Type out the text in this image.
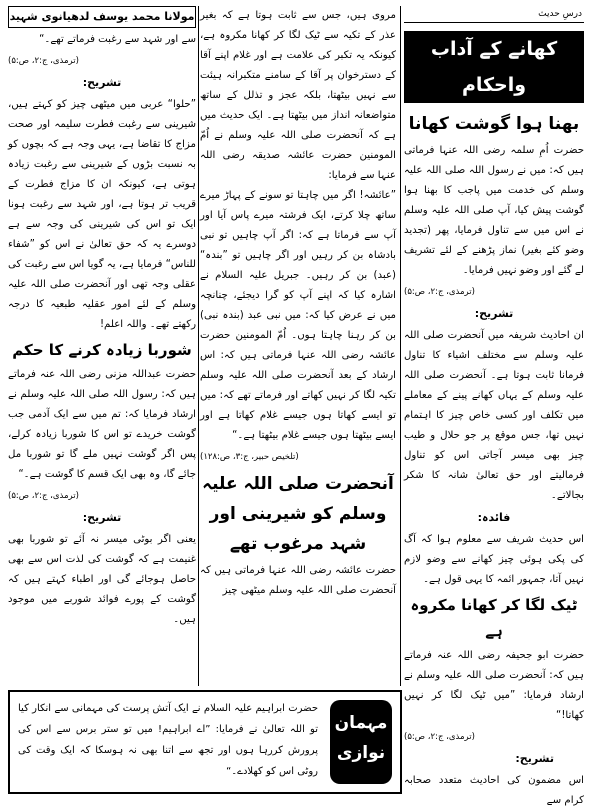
درسِ حدیث
کھانے کے آداب واحکام
بھنا ہوا گوشت کھانا

حضرت اُمِ سلمہ رضی اللہ عنہا فرماتی ہیں کہ: میں نے رسول اللہ صلی اللہ علیہ وسلم کی خدمت میں پاجب کا بھنا ہوا گوشت پیش کیا، آپ صلی اللہ علیہ وسلم نے اس میں سے تناول فرمایا، پھر (تجدید وضو کئے بغیر) نماز پڑھنے کے لئے تشریف لے گئے اور وضو نہیں فرمایا۔

(ترمذی، ج:۲، ص:۵)
تشریح:

ان احادیث شریفہ میں آنحضرت صلی اللہ علیہ وسلم سے مختلف اشیاء کا تناول فرمانا ثابت ہوتا ہے۔ آنحضرت صلی اللہ علیہ وسلم کے یہاں کھانے پینے کے معاملے میں تکلف اور کسی خاص چیز کا اہتمام نہیں تھا، جس موقع پر جو حلال و طیب چیز بھی میسر آجاتی اس کو تناول فرمالیتے اور حق تعالیٰ شانہ کا شکر بجالاتے۔

فائدہ:

اس حدیث شریف سے معلوم ہوا کہ آگ کی پکی ہوئی چیز کھانے سے وضو لازم نہیں آتا، جمہور ائمہ کا یہی قول ہے۔

ٹیک لگا کر کھانا مکروہ ہے

حضرت ابو جحیفہ رضی اللہ عنہ فرماتے ہیں کہ: آنحضرت صلی اللہ علیہ وسلم نے ارشاد فرمایا: ”میں ٹیک لگا کر نہیں کھاتا!“

(ترمذی، ج:۲، ص:۵)
تشریح:

اس مضمون کی احادیث متعدد صحابہ کرام سے

مروی ہیں، جس سے ثابت ہوتا ہے کہ بغیر عذر کے تکیہ سے ٹیک لگا کر کھانا مکروہ ہے، کیونکہ یہ تکبر کی علامت ہے اور غلام اپنے آقا کے دسترخوان پر آقا کے سامنے متکبرانہ ہیئت سے نہیں بیٹھتا، بلکہ عجز و تذلل کے ساتھ متواضعانہ انداز میں بیٹھتا ہے۔ ایک حدیث میں ہے کہ آنحضرت صلی اللہ علیہ وسلم نے اُمّ المومنین حضرت عائشہ صدیقہ رضی اللہ عنہا سے فرمایا:

”عائشہ! اگر میں چاہتا تو سونے کے پہاڑ میرے ساتھ چلا کرتے، ایک فرشتہ میرے پاس آیا اور آپ سے فرماتا ہے کہ: اگر آپ چاہیں تو نبی بادشاہ بن کر رہیں اور اگر چاہیں تو ”بندہ“ (عبد) بن کر رہیں۔ جبریل علیہ السلام نے اشارہ کیا کہ اپنے آپ کو گرا دیجئے، چنانچہ میں نے عرض کیا کہ: میں نبی عبد (بندہ نبی) بن کر رہنا چاہتا ہوں۔ اُمّ المومنین حضرت عائشہ رضی اللہ عنہا فرماتی ہیں کہ: اس ارشاد کے بعد آنحضرت صلی اللہ علیہ وسلم تکیہ لگا کر نہیں کھاتے اور فرماتے تھے کہ: میں تو ایسے کھاتا ہوں جیسے غلام کھاتا ہے اور ایسے بیٹھتا ہوں جیسے غلام بیٹھتا ہے۔“

(تلخیص حبیر، ج:۳، ص:۱۲۸)
آنحضرت صلی اللہ علیہ وسلم کو شیرینی اور شہد مرغوب تھے

حضرت عائشہ رضی اللہ عنہا فرماتی ہیں کہ آنحضرت صلی اللہ علیہ وسلم میٹھی چیز

مولانا محمد یوسف لدھیانوی شہید

سے اور شہد سے رغبت فرماتے تھے۔“

(ترمذی، ج:۲، ص:۵)
تشریح:

”حلوا“ عربی میں میٹھی چیز کو کہتے ہیں، شیرینی سے رغبت فطرت سلیمہ اور صحت مزاج کا تقاضا ہے، یہی وجہ ہے کہ بچوں کو بہ نسبت بڑوں کے شیرینی سے رغبت زیادہ ہوتی ہے، کیونکہ ان کا مزاج فطرت کے قریب تر ہوتا ہے، اور شہد سے رغبت ہونا ایک تو اس کی شیرینی کی وجہ سے ہے دوسرے یہ کہ حق تعالیٰ نے اس کو ”شفاء للناس“ فرمایا ہے، یہ گویا اس سے رغبت کی عقلی وجہ تھی اور آنحضرت صلی اللہ علیہ وسلم کے لئے امور عقلیہ طبعیہ کا درجہ رکھتے تھے۔ واللہ اعلم!

شوربا زیادہ کرنے کا حکم

حضرت عبداللہ مزنی رضی اللہ عنہ فرماتے ہیں کہ: رسول اللہ صلی اللہ علیہ وسلم نے ارشاد فرمایا کہ: تم میں سے ایک آدمی جب گوشت خریدے تو اس کا شوربا زیادہ کرلے، پس اگر گوشت نہیں ملے گا تو شوربا مل جائے گا، وہ بھی ایک قسم کا گوشت ہے۔“

(ترمذی، ج:۲، ص:۵)
تشریح:

یعنی اگر بوٹی میسر نہ آئے تو شوربا بھی غنیمت ہے کہ گوشت کی لذت اس سے بھی حاصل ہوجائے گی اور اطباء کہتے ہیں کہ گوشت کے پورے فوائد شوربے میں موجود ہیں۔

مہمان
نوازی
حضرت ابراہیم علیہ السلام نے ایک آتش پرست کی مہمانی سے انکار کیا تو اللہ تعالیٰ نے فرمایا: ”اے ابراہیم! میں تو ستر برس سے اس کی پرورش کررہا ہوں اور تجھ سے اتنا بھی نہ ہوسکا کہ ایک وقت کی روٹی اس کو کھلادے۔“
